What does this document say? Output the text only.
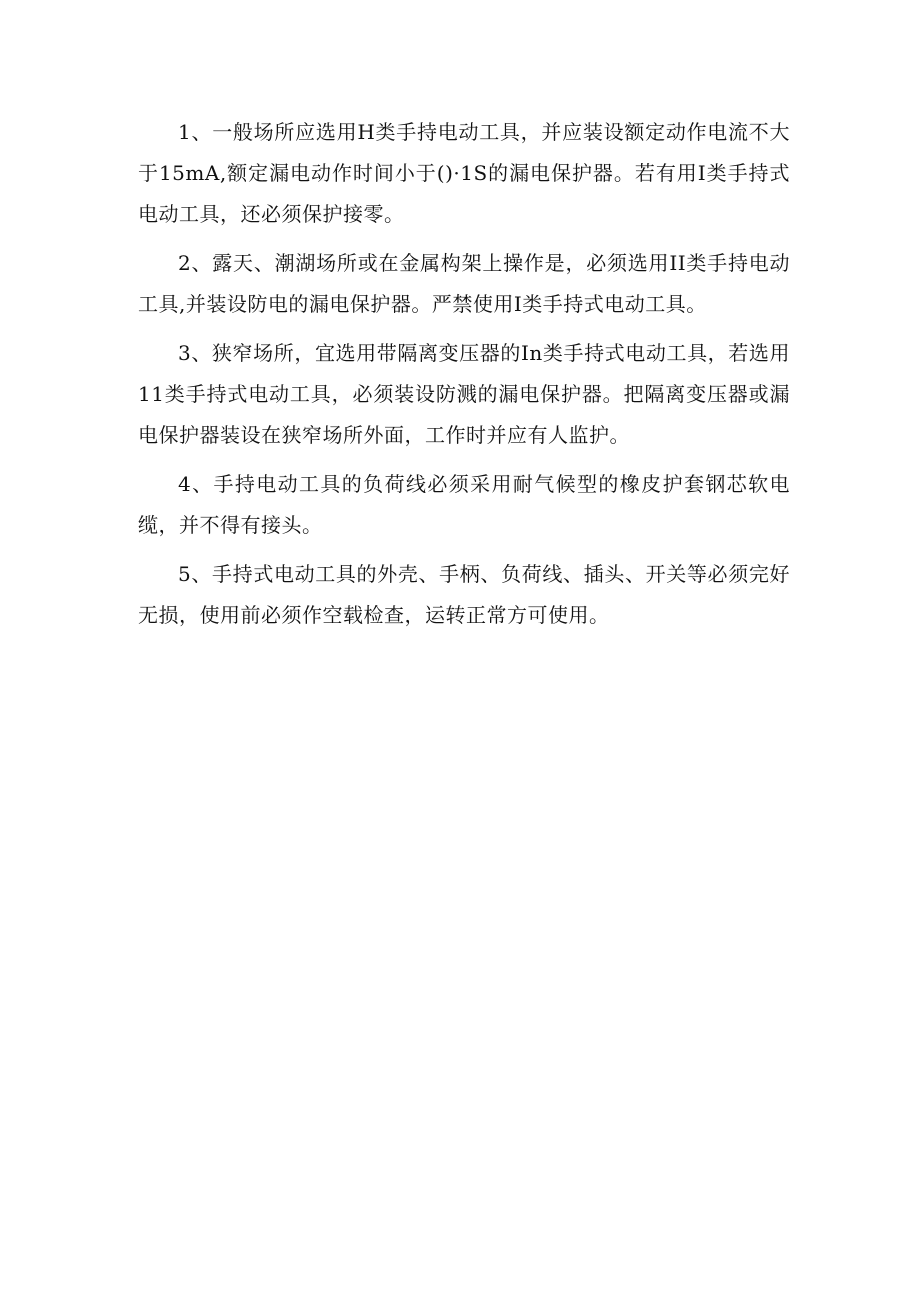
1、一般场所应选用H类手持电动工具，并应装设额定动作电流不大于15mA,额定漏电动作时间小于()·1S的漏电保护器。若有用I类手持式电动工具，还必须保护接零。

2、露天、潮湖场所或在金属构架上操作是，必须选用II类手持电动工具,并装设防电的漏电保护器。严禁使用I类手持式电动工具。

3、狭窄场所，宜选用带隔离变压器的In类手持式电动工具，若选用11类手持式电动工具，必须装设防溅的漏电保护器。把隔离变压器或漏电保护器装设在狭窄场所外面，工作时并应有人监护。

4、手持电动工具的负荷线必须采用耐气候型的橡皮护套钢芯软电缆，并不得有接头。

5、手持式电动工具的外壳、手柄、负荷线、插头、开关等必须完好无损，使用前必须作空载检查，运转正常方可使用。
